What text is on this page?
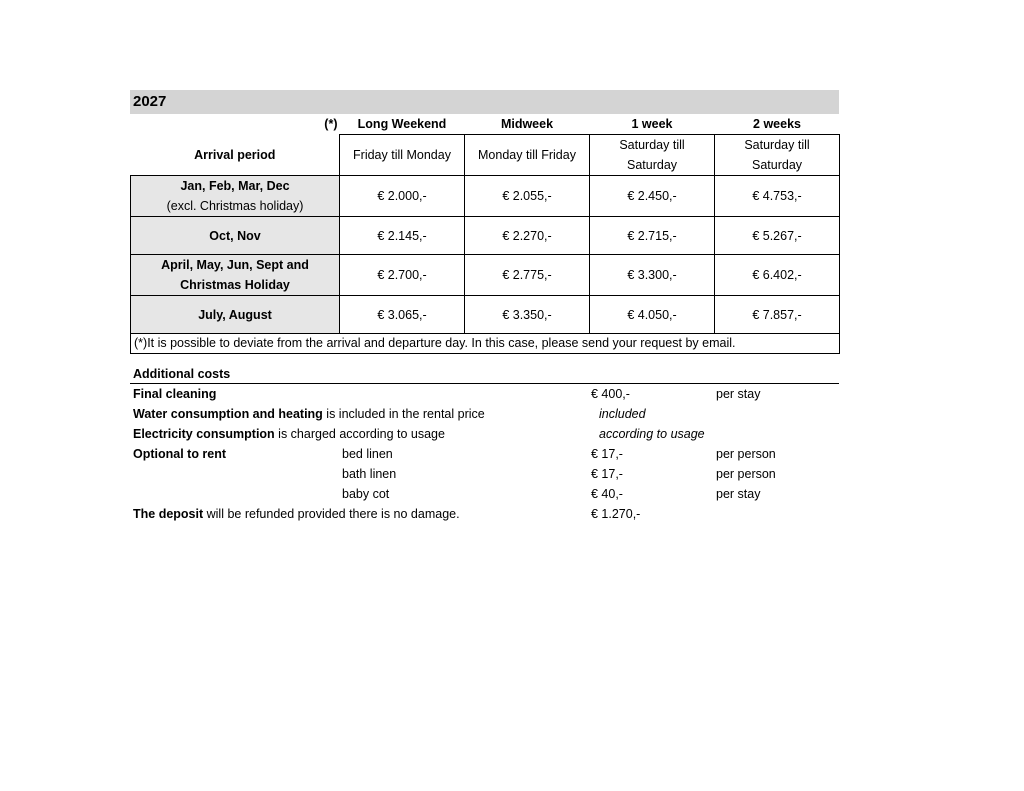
2027
(*)	Long Weekend	Midweek	1 week	2 weeks
Arrival period	Friday till Monday	Monday till Friday	Saturday till Saturday	Saturday till Saturday
Jan, Feb, Mar, Dec
(excl. Christmas holiday)	€ 2.000,-	€ 2.055,-	€ 2.450,-	€ 4.753,-
Oct, Nov	€ 2.145,-	€ 2.270,-	€ 2.715,-	€ 5.267,-
April, May, Jun, Sept and Christmas Holiday	€ 2.700,-	€ 2.775,-	€ 3.300,-	€ 6.402,-
July, August	€ 3.065,-	€ 3.350,-	€ 4.050,-	€ 7.857,-
(*)It is possible to deviate from the arrival and departure day. In this case, please send your request by email.				
Additional costs
Final cleaning	€ 400,-	per stay
Water consumption and heating is included in the rental price	included
Electricity consumption is charged according to usage	according to usage
Optional to rent	bed linen	€ 17,-	per person
bath linen	€ 17,-	per person
baby cot	€ 40,-	per stay
The deposit will be refunded provided there is no damage.	€ 1.270,-
